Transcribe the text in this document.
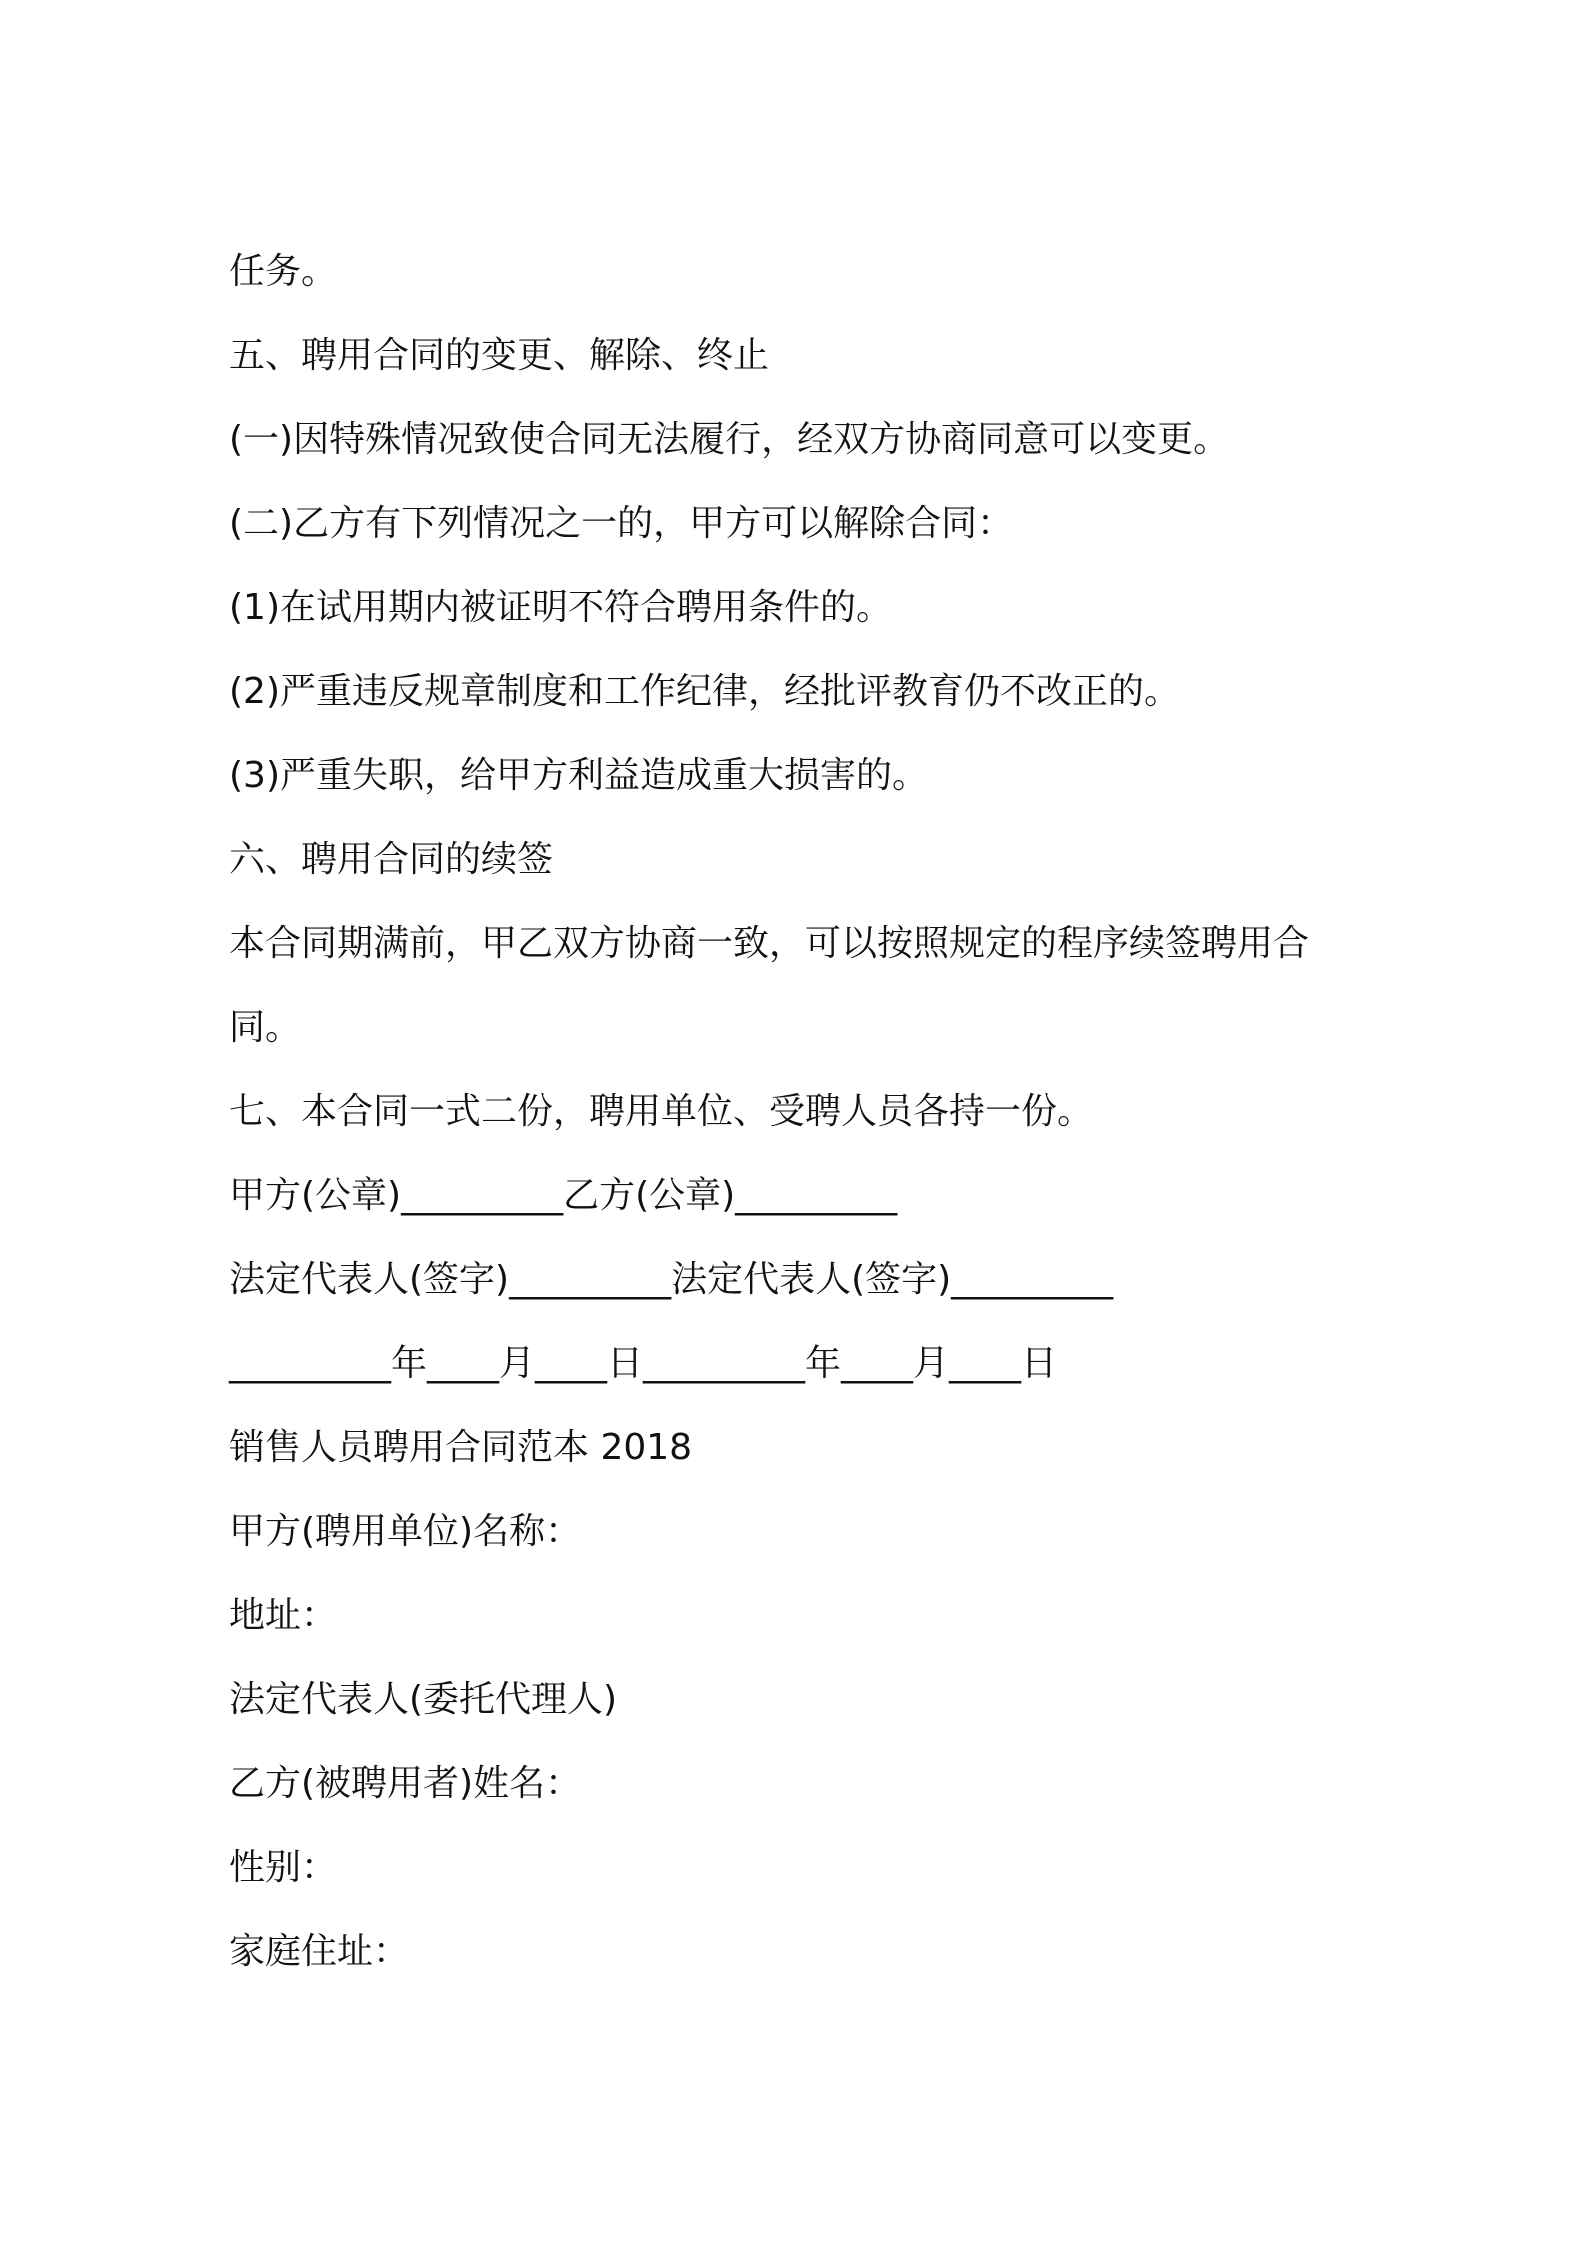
任务。
五、聘用合同的变更、解除、终止
(一)因特殊情况致使合同无法履行，经双方协商同意可以变更。
(二)乙方有下列情况之一的，甲方可以解除合同：
(1)在试用期内被证明不符合聘用条件的。
(2)严重违反规章制度和工作纪律，经批评教育仍不改正的。
(3)严重失职，给甲方利益造成重大损害的。
六、聘用合同的续签
本合同期满前，甲乙双方协商一致，可以按照规定的程序续签聘用合
同。
七、本合同一式二份，聘用单位、受聘人员各持一份。
甲方(公章)_________乙方(公章)_________
法定代表人(签字)_________法定代表人(签字)_________
_________年____月____日_________年____月____日
销售人员聘用合同范本 2018
甲方(聘用单位)名称：
地址：
法定代表人(委托代理人)
乙方(被聘用者)姓名：
性别：
家庭住址：
